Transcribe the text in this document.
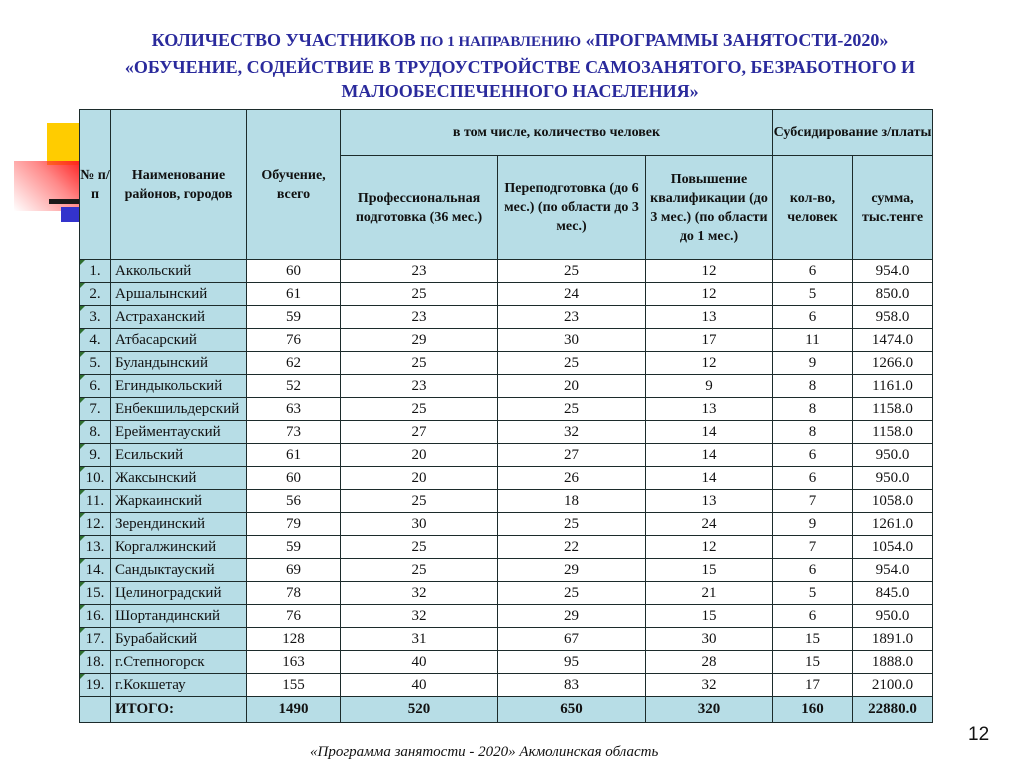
КОЛИЧЕСТВО УЧАСТНИКОВ ПО 1 НАПРАВЛЕНИЮ «ПРОГРАММЫ ЗАНЯТОСТИ-2020»
«ОБУЧЕНИЕ, СОДЕЙСТВИЕ В ТРУДОУСТРОЙСТВЕ САМОЗАНЯТОГО, БЕЗРАБОТНОГО И
МАЛООБЕСПЕЧЕННОГО НАСЕЛЕНИЯ»
№ п/п	Наименование районов, городов	Обучение, всего	в том числе, количество человек			Субсидирование з/платы	
			Профессиональная подготовка (36 мес.)	Переподготовка (до 6 мес.) (по области до 3 мес.)	Повышение квалификации (до 3 мес.) (по области до 1 мес.)	кол-во, человек	сумма, тыс.тенге
1.	Аккольский	60	23	25	12	6	954.0
2.	Аршалынский	61	25	24	12	5	850.0
3.	Астраханский	59	23	23	13	6	958.0
4.	Атбасарский	76	29	30	17	11	1474.0
5.	Буландынский	62	25	25	12	9	1266.0
6.	Егиндыкольский	52	23	20	9	8	1161.0
7.	Енбекшильдерский	63	25	25	13	8	1158.0
8.	Ерейментауский	73	27	32	14	8	1158.0
9.	Есильский	61	20	27	14	6	950.0
10.	Жаксынский	60	20	26	14	6	950.0
11.	Жаркаинский	56	25	18	13	7	1058.0
12.	Зерендинский	79	30	25	24	9	1261.0
13.	Коргалжинский	59	25	22	12	7	1054.0
14.	Сандыктауский	69	25	29	15	6	954.0
15.	Целиноградский	78	32	25	21	5	845.0
16.	Шортандинский	76	32	29	15	6	950.0
17.	Бурабайский	128	31	67	30	15	1891.0
18.	г.Степногорск	163	40	95	28	15	1888.0
19.	г.Кокшетау	155	40	83	32	17	2100.0
	ИТОГО:	1490	520	650	320	160	22880.0
«Программа занятости - 2020» Акмолинская область
12
